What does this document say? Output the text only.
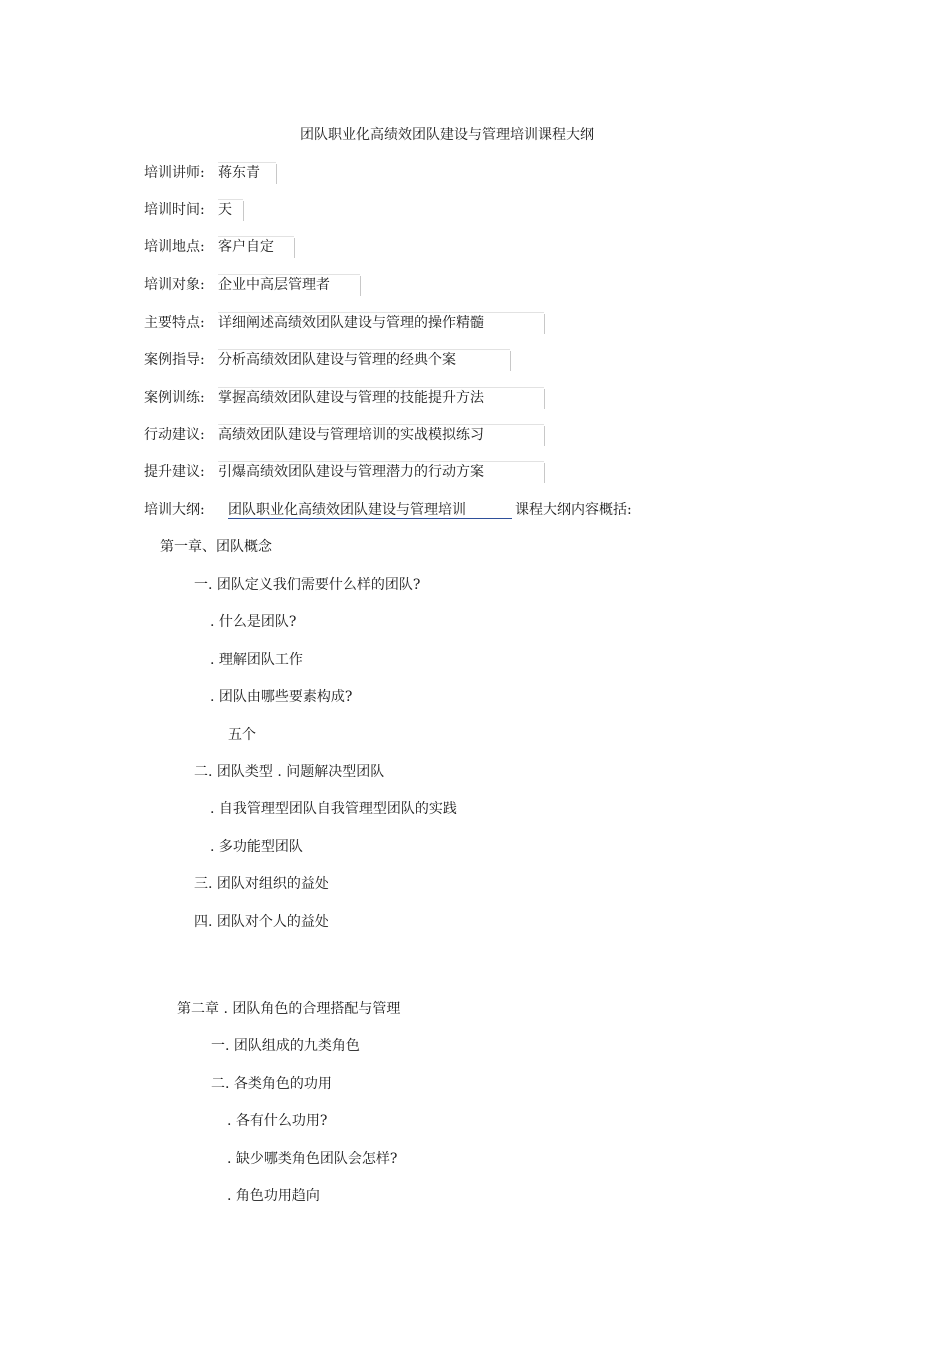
团队职业化高绩效团队建设与管理培训课程大纲
培训讲师: 蒋东青
培训时间: 天
培训地点: 客户自定
培训对象: 企业中高层管理者
主要特点: 详细阐述高绩效团队建设与管理的操作精髓
案例指导: 分析高绩效团队建设与管理的经典个案
案例训练: 掌握高绩效团队建设与管理的技能提升方法
行动建议: 高绩效团队建设与管理培训的实战模拟练习
提升建议: 引爆高绩效团队建设与管理潜力的行动方案
培训大纲: 团队职业化高绩效团队建设与管理培训	课程大纲内容概括:
第一章、团队概念
一. 团队定义我们需要什么样的团队?
. 什么是团队?
. 理解团队工作
. 团队由哪些要素构成?
五个
二. 团队类型 . 问题解决型团队
. 自我管理型团队自我管理型团队的实践
. 多功能型团队
三. 团队对组织的益处
四. 团队对个人的益处
第二章 . 团队角色的合理搭配与管理
一. 团队组成的九类角色
二. 各类角色的功用
. 各有什么功用?
. 缺少哪类角色团队会怎样?
. 角色功用趋向
